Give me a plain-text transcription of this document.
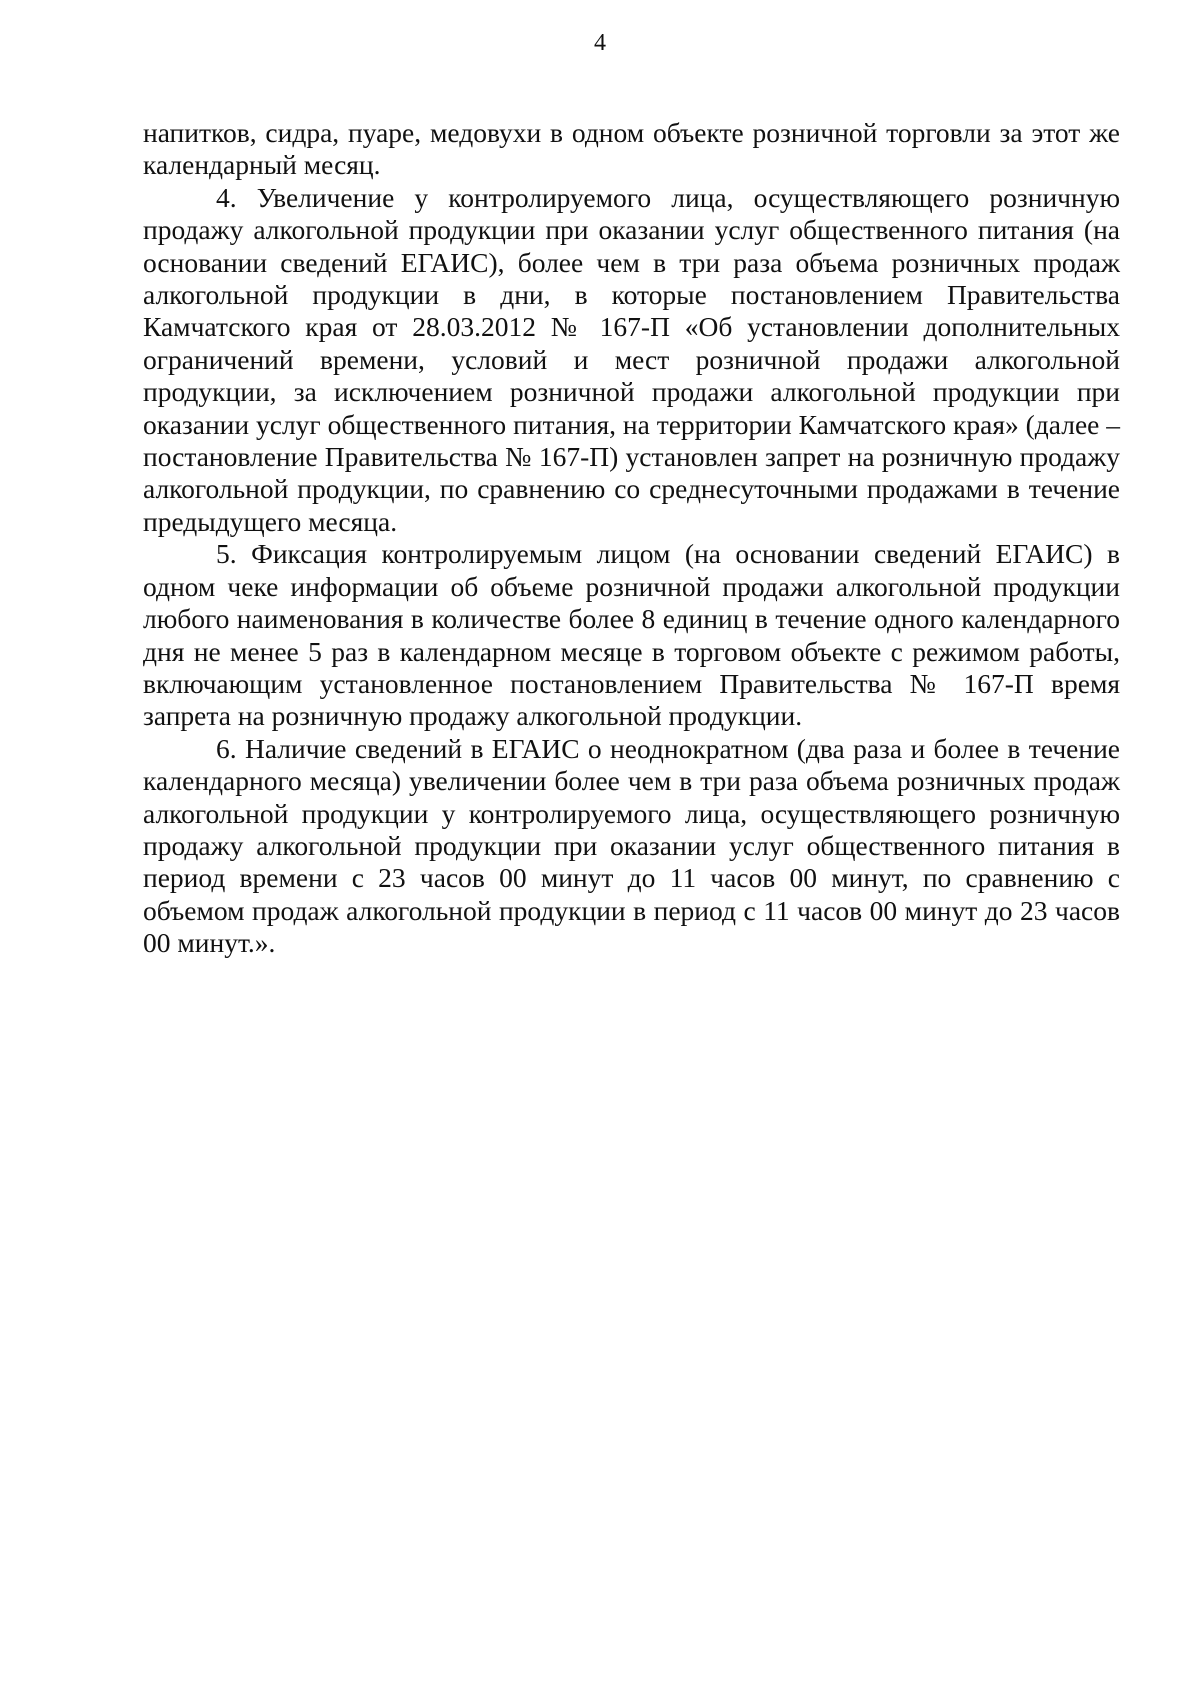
4

напитков, сидра, пуаре, медовухи в одном объекте розничной торговли за этот же календарный месяц.

4. Увеличение у контролируемого лица, осуществляющего розничную продажу алкогольной продукции при оказании услуг общественного питания (на основании сведений ЕГАИС), более чем в три раза объема розничных продаж алкогольной продукции в дни, в которые постановлением Правительства Камчатского края от 28.03.2012 № 167-П «Об установлении дополнительных ограничений времени, условий и мест розничной продажи алкогольной продукции, за исключением розничной продажи алкогольной продукции при оказании услуг общественного питания, на территории Камчатского края» (далее – постановление Правительства № 167-П) установлен запрет на розничную продажу алкогольной продукции, по сравнению со среднесуточными продажами в течение предыдущего месяца.

5. Фиксация контролируемым лицом (на основании сведений ЕГАИС) в одном чеке информации об объеме розничной продажи алкогольной продукции любого наименования в количестве более 8 единиц в течение одного календарного дня не менее 5 раз в календарном месяце в торговом объекте с режимом работы, включающим установленное постановлением Правительства № 167-П время запрета на розничную продажу алкогольной продукции.

6. Наличие сведений в ЕГАИС о неоднократном (два раза и более в течение календарного месяца) увеличении более чем в три раза объема розничных продаж алкогольной продукции у контролируемого лица, осуществляющего розничную продажу алкогольной продукции при оказании услуг общественного питания в период времени с 23 часов 00 минут до 11 часов 00 минут, по сравнению с объемом продаж алкогольной продукции в период с 11 часов 00 минут до 23 часов 00 минут.».
